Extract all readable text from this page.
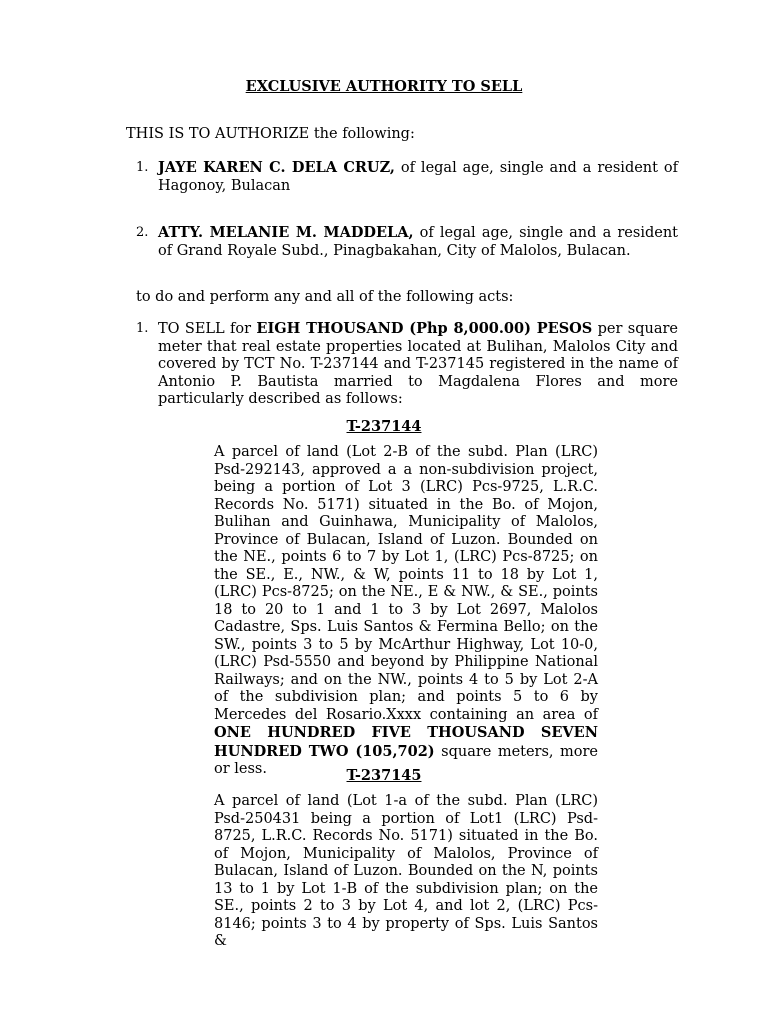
EXCLUSIVE AUTHORITY TO SELL
THIS IS TO AUTHORIZE the following:
1. JAYE KAREN C. DELA CRUZ, of legal age, single and a resident of Hagonoy, Bulacan
2. ATTY. MELANIE M. MADDELA, of legal age, single and a resident of Grand Royale Subd., Pinagbakahan, City of Malolos, Bulacan.
to do and perform any and all of the following acts:
1. TO SELL for EIGH THOUSAND (Php 8,000.00) PESOS per square meter that real estate properties located at Bulihan, Malolos City and covered by TCT No. T-237144 and T-237145 registered in the name of Antonio P. Bautista married to Magdalena Flores and more particularly described as follows:
T-237144
A parcel of land (Lot 2-B of the subd. Plan (LRC) Psd-292143, approved a a non-subdivision project, being a portion of Lot 3 (LRC) Pcs-9725, L.R.C. Records No. 5171) situated in the Bo. of Mojon, Bulihan and Guinhawa, Municipality of Malolos, Province of Bulacan, Island of Luzon. Bounded on the NE., points 6 to 7 by Lot 1, (LRC) Pcs-8725; on the SE., E., NW., & W, points 11 to 18 by Lot 1, (LRC) Pcs-8725; on the NE., E & NW., & SE., points 18 to 20 to 1 and 1 to 3 by Lot 2697, Malolos Cadastre, Sps. Luis Santos & Fermina Bello; on the SW., points 3 to 5 by McArthur Highway, Lot 10-0, (LRC) Psd-5550 and beyond by Philippine National Railways; and on the NW., points 4 to 5 by Lot 2-A of the subdivision plan; and points 5 to 6 by Mercedes del Rosario.Xxxx containing an area of ONE HUNDRED FIVE THOUSAND SEVEN HUNDRED TWO (105,702) square meters, more or less.	T-237145
A parcel of land (Lot 1-a of the subd. Plan (LRC) Psd-250431 being a portion of Lot1 (LRC) Psd-8725, L.R.C. Records No. 5171) situated in the Bo. of Mojon, Municipality of Malolos, Province of Bulacan, Island of Luzon. Bounded on the N, points 13 to 1 by Lot 1-B of the subdivision plan; on the SE., points 2 to 3 by Lot 4, and lot 2, (LRC) Pcs-8146; points 3 to 4 by property of Sps. Luis Santos &
